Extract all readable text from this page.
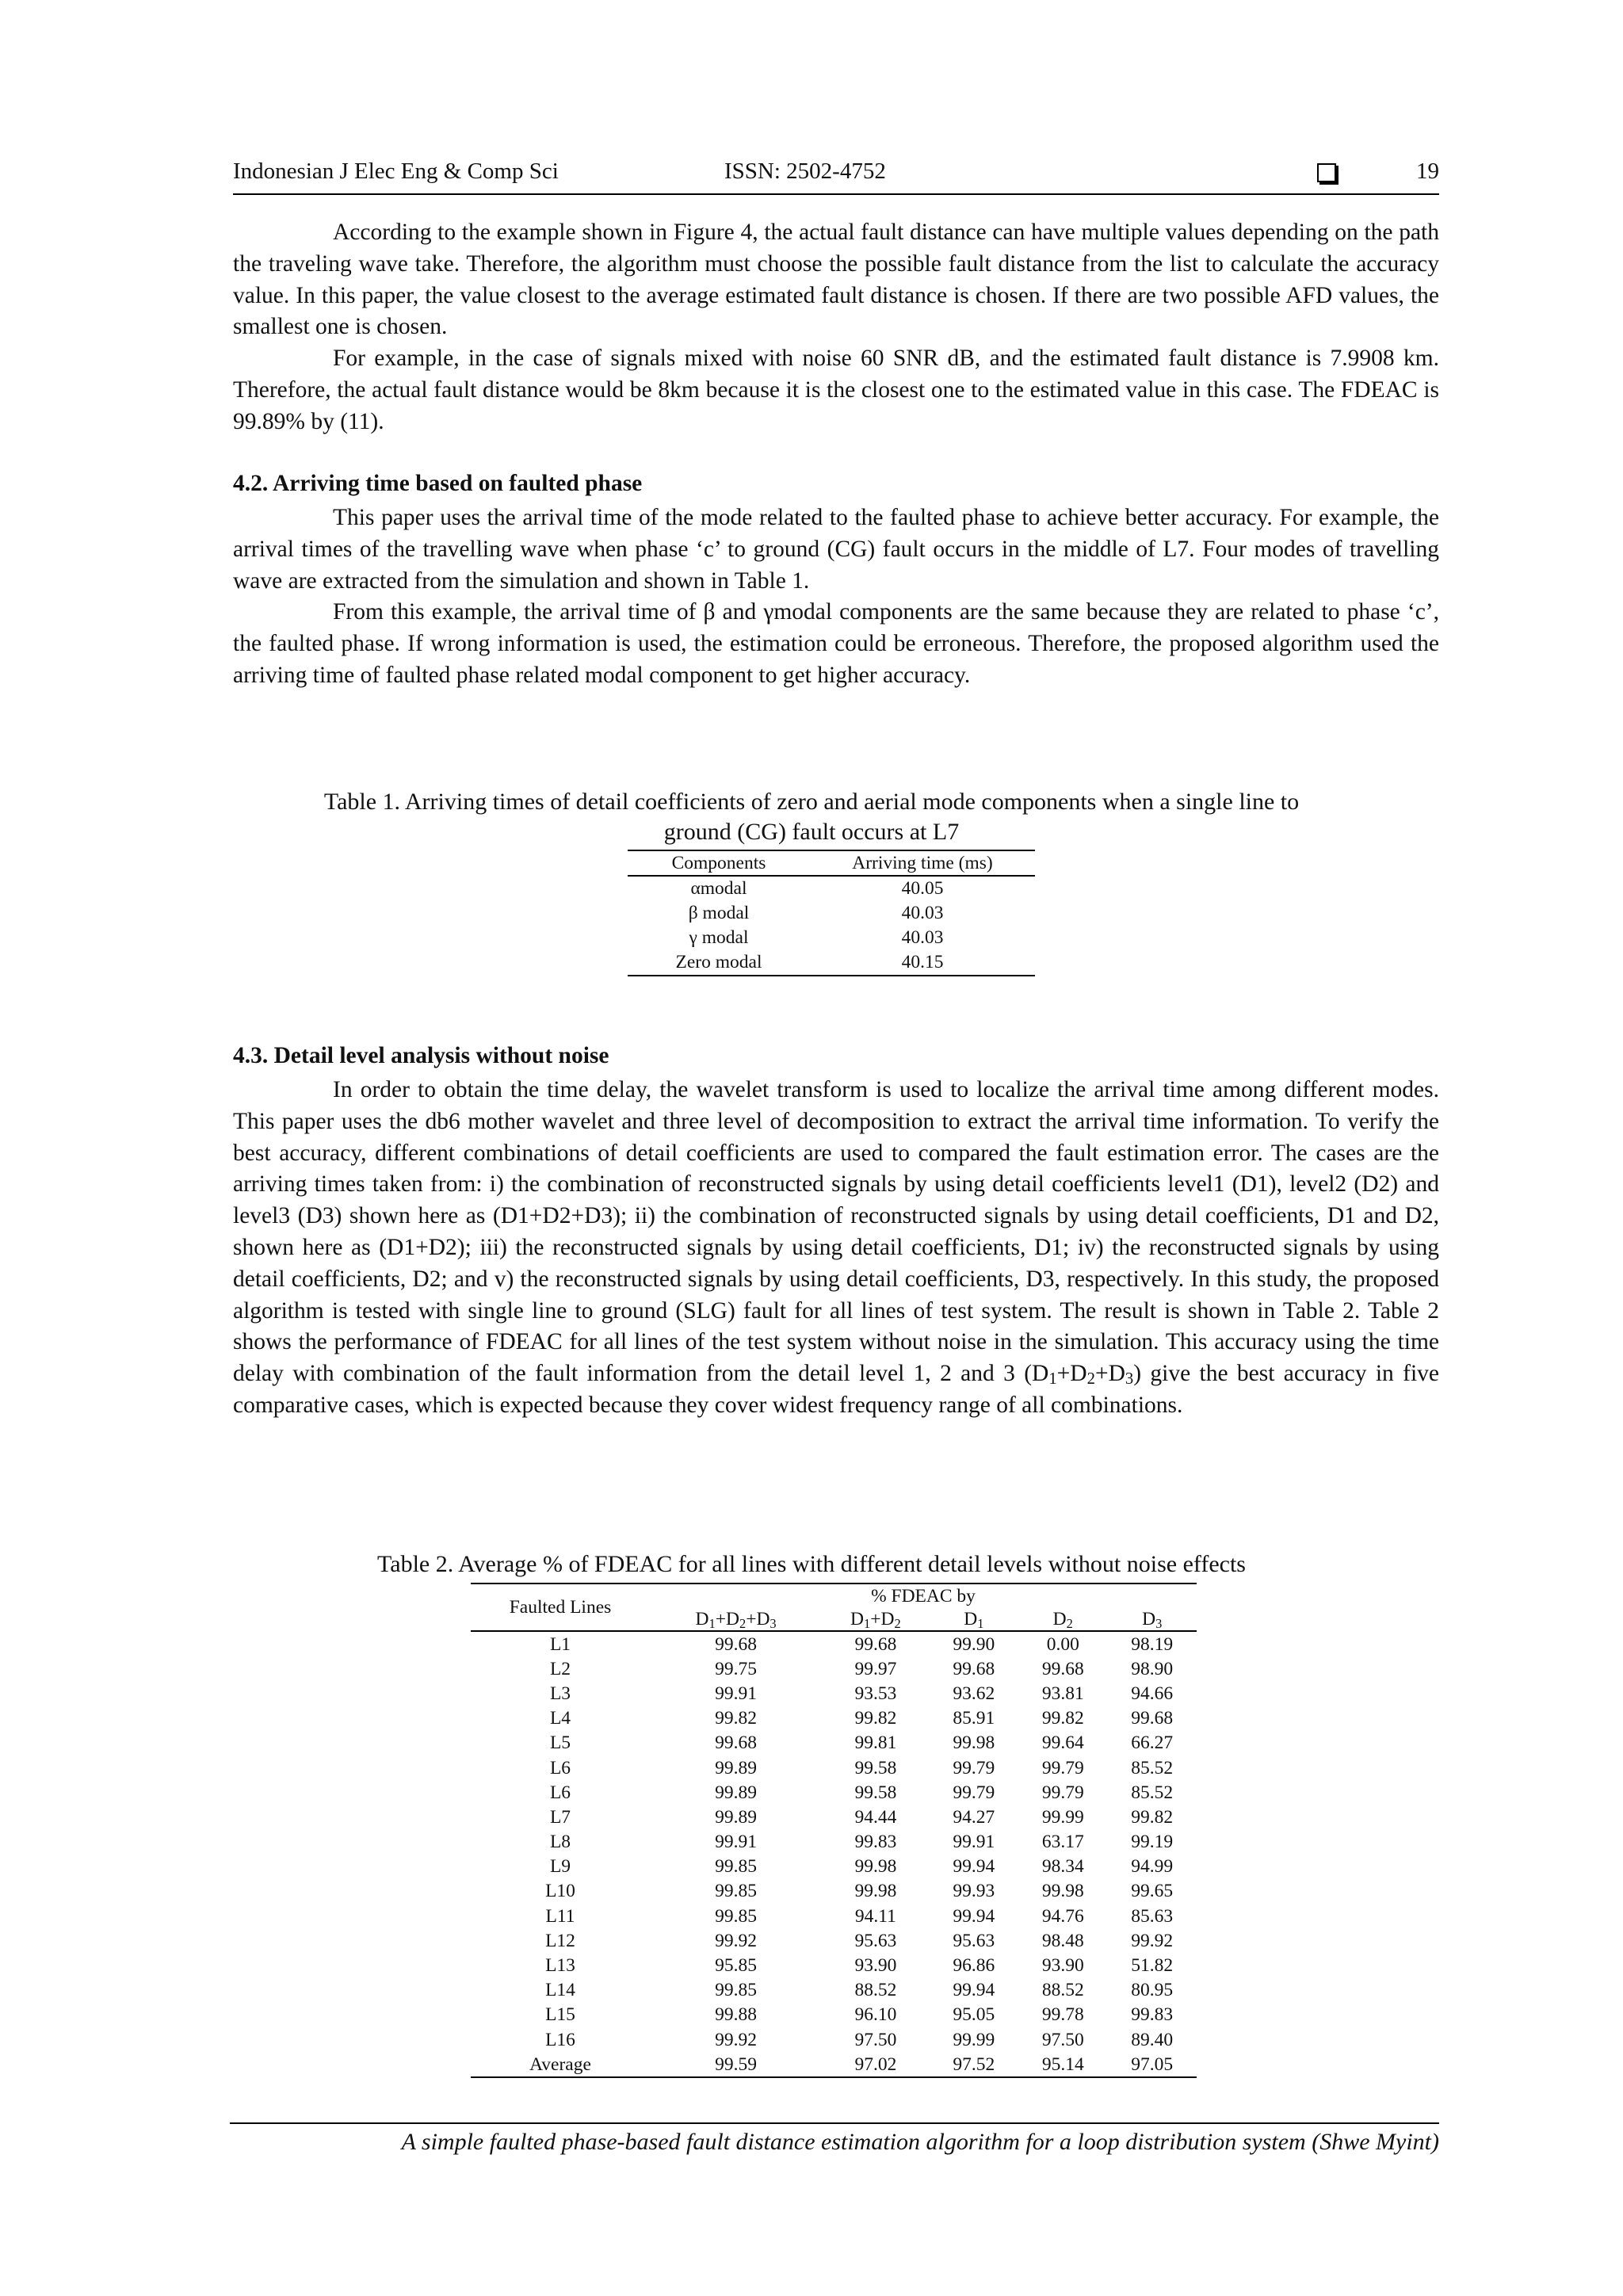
Indonesian J Elec Eng & Comp Sci	ISSN: 2502-4752	19

According to the example shown in Figure 4, the actual fault distance can have multiple values depending on the path the traveling wave take. Therefore, the algorithm must choose the possible fault distance from the list to calculate the accuracy value. In this paper, the value closest to the average estimated fault distance is chosen. If there are two possible AFD values, the smallest one is chosen.

For example, in the case of signals mixed with noise 60 SNR dB, and the estimated fault distance is 7.9908 km. Therefore, the actual fault distance would be 8km because it is the closest one to the estimated value in this case. The FDEAC is 99.89% by (11).

4.2. Arriving time based on faulted phase

This paper uses the arrival time of the mode related to the faulted phase to achieve better accuracy. For example, the arrival times of the travelling wave when phase ‘c’ to ground (CG) fault occurs in the middle of L7. Four modes of travelling wave are extracted from the simulation and shown in Table 1.

From this example, the arrival time of β and γmodal components are the same because they are related to phase ‘c’, the faulted phase. If wrong information is used, the estimation could be erroneous. Therefore, the proposed algorithm used the arriving time of faulted phase related modal component to get higher accuracy.

Table 1. Arriving times of detail coefficients of zero and aerial mode components when a single line to
ground (CG) fault occurs at L7
Components	Arriving time (ms)
αmodal	40.05
β modal	40.03
γ modal	40.03
Zero modal	40.15
4.3. Detail level analysis without noise

In order to obtain the time delay, the wavelet transform is used to localize the arrival time among different modes. This paper uses the db6 mother wavelet and three level of decomposition to extract the arrival time information. To verify the best accuracy, different combinations of detail coefficients are used to compared the fault estimation error. The cases are the arriving times taken from: i) the combination of reconstructed signals by using detail coefficients level1 (D1), level2 (D2) and level3 (D3) shown here as (D1+D2+D3); ii) the combination of reconstructed signals by using detail coefficients, D1 and D2, shown here as (D1+D2); iii) the reconstructed signals by using detail coefficients, D1; iv) the reconstructed signals by using detail coefficients, D2; and v) the reconstructed signals by using detail coefficients, D3, respectively. In this study, the proposed algorithm is tested with single line to ground (SLG) fault for all lines of test system. The result is shown in Table 2. Table 2 shows the performance of FDEAC for all lines of the test system without noise in the simulation. This accuracy using the time delay with combination of the fault information from the detail level 1, 2 and 3 $(D_1+D_2+D_3)$ give the best accuracy in five comparative cases, which is expected because they cover widest frequency range of all combinations.

Table 2. Average % of FDEAC for all lines with different detail levels without noise effects
Faulted Lines	% FDEAC by				
	$D_1+D_2+D_3$	$D_1+D_2$	$D_1$	$D_2$	$D_3$
L1	99.68	99.68	99.90	0.00	98.19
L2	99.75	99.97	99.68	99.68	98.90
L3	99.91	93.53	93.62	93.81	94.66
L4	99.82	99.82	85.91	99.82	99.68
L5	99.68	99.81	99.98	99.64	66.27
L6	99.89	99.58	99.79	99.79	85.52
L6	99.89	99.58	99.79	99.79	85.52
L7	99.89	94.44	94.27	99.99	99.82
L8	99.91	99.83	99.91	63.17	99.19
L9	99.85	99.98	99.94	98.34	94.99
L10	99.85	99.98	99.93	99.98	99.65
L11	99.85	94.11	99.94	94.76	85.63
L12	99.92	95.63	95.63	98.48	99.92
L13	95.85	93.90	96.86	93.90	51.82
L14	99.85	88.52	99.94	88.52	80.95
L15	99.88	96.10	95.05	99.78	99.83
L16	99.92	97.50	99.99	97.50	89.40
Average	99.59	97.02	97.52	95.14	97.05
A simple faulted phase-based fault distance estimation algorithm for a loop distribution system (Shwe Myint)
